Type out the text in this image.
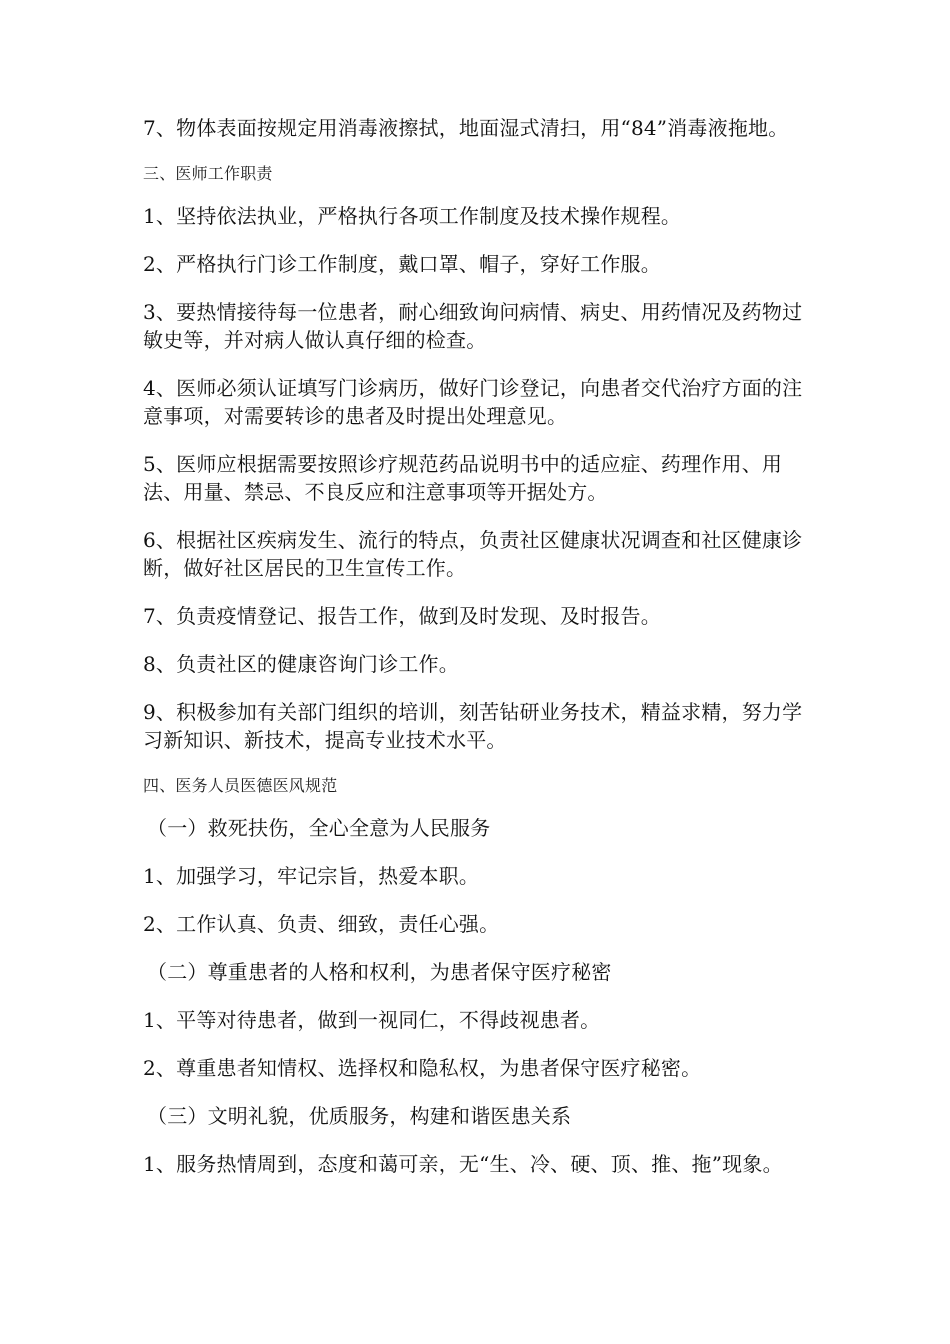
7、物体表面按规定用消毒液擦拭，地面湿式清扫，用“84”消毒液拖地。

三、医师工作职责

1、坚持依法执业，严格执行各项工作制度及技术操作规程。

2、严格执行门诊工作制度，戴口罩、帽子，穿好工作服。

3、要热情接待每一位患者，耐心细致询问病情、病史、用药情况及药物过敏史等，并对病人做认真仔细的检查。

4、医师必须认证填写门诊病历，做好门诊登记，向患者交代治疗方面的注意事项，对需要转诊的患者及时提出处理意见。

5、医师应根据需要按照诊疗规范药品说明书中的适应症、药理作用、用法、用量、禁忌、不良反应和注意事项等开据处方。

6、根据社区疾病发生、流行的特点，负责社区健康状况调查和社区健康诊断，做好社区居民的卫生宣传工作。

7、负责疫情登记、报告工作，做到及时发现、及时报告。

8、负责社区的健康咨询门诊工作。

9、积极参加有关部门组织的培训，刻苦钻研业务技术，精益求精，努力学习新知识、新技术，提高专业技术水平。

四、医务人员医德医风规范

（一）救死扶伤，全心全意为人民服务

1、加强学习，牢记宗旨，热爱本职。

2、工作认真、负责、细致，责任心强。

（二）尊重患者的人格和权利，为患者保守医疗秘密

1、平等对待患者，做到一视同仁，不得歧视患者。

2、尊重患者知情权、选择权和隐私权，为患者保守医疗秘密。

（三）文明礼貌，优质服务，构建和谐医患关系

1、服务热情周到，态度和蔼可亲，无“生、冷、硬、顶、推、拖”现象。
